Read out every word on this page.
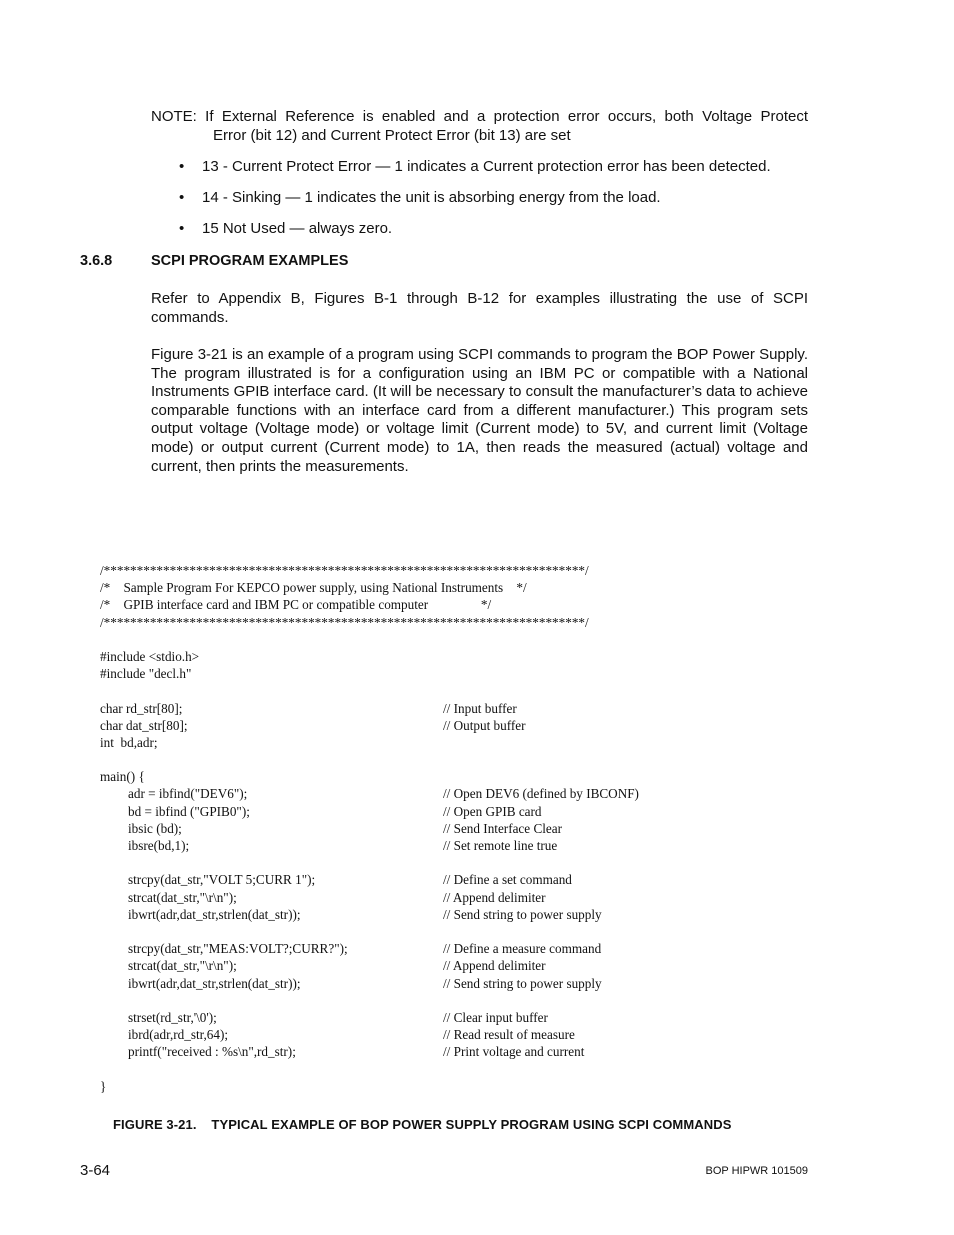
NOTE: If External Reference is enabled and a protection error occurs, both Voltage Protect
Error (bit 12) and Current Protect Error (bit 13) are set
• 13 - Current Protect Error — 1 indicates a Current protection error has been detected.
• 14 - Sinking — 1 indicates the unit is absorbing energy from the load.
• 15 Not Used — always zero.
3.6.8	SCPI PROGRAM EXAMPLES

Refer to Appendix B, Figures B-1 through B-12 for examples illustrating the use of SCPI commands.

Figure 3-21 is an example of a program using SCPI commands to program the BOP Power Supply. The program illustrated is for a configuration using an IBM PC or compatible with a National Instruments GPIB interface card. (It will be necessary to consult the manufacturer’s data to achieve comparable functions with an interface card from a different manufacturer.) This program sets output voltage (Voltage mode) or voltage limit (Current mode) to 5V, and current limit (Voltage mode) or output current (Current mode) to 1A, then reads the measured (actual) voltage and current, then prints the measurements.

/*************************************************************************/
/*    Sample Program For KEPCO power supply, using National Instruments    */
/*    GPIB interface card and IBM PC or compatible computer                */
/*************************************************************************/
#include <stdio.h>
#include "decl.h"
char rd_str[80];	// Input buffer
char dat_str[80];	// Output buffer
int  bd,adr;
main() {
adr = ibfind("DEV6");	// Open DEV6 (defined by IBCONF)
bd = ibfind ("GPIB0");	// Open GPIB card
ibsic (bd);	// Send Interface Clear
ibsre(bd,1);	// Set remote line true
strcpy(dat_str,"VOLT 5;CURR 1");	// Define a set command
strcat(dat_str,"\r\n");	// Append delimiter
ibwrt(adr,dat_str,strlen(dat_str));	// Send string to power supply
strcpy(dat_str,"MEAS:VOLT?;CURR?");	// Define a measure command
strcat(dat_str,"\r\n");	// Append delimiter
ibwrt(adr,dat_str,strlen(dat_str));	// Send string to power supply
strset(rd_str,'\0');	// Clear input buffer
ibrd(adr,rd_str,64);	// Read result of measure
printf("received : %s\n",rd_str);	// Print voltage and current
}
FIGURE 3-21.    TYPICAL EXAMPLE OF BOP POWER SUPPLY PROGRAM USING SCPI COMMANDS
3-64	BOP HIPWR 101509
